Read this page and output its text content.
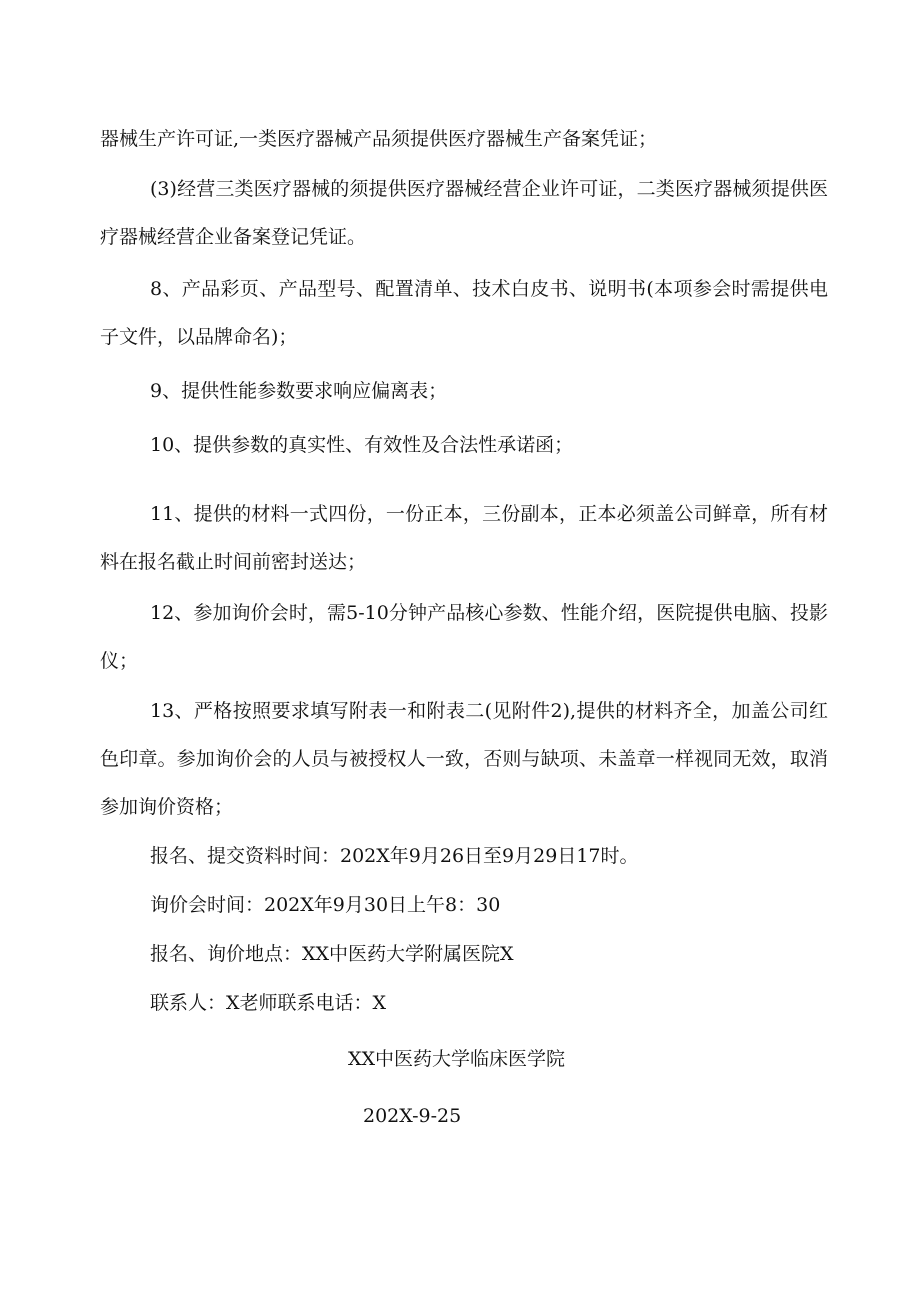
器械生产许可证,一类医疗器械产品须提供医疗器械生产备案凭证；

(3)经营三类医疗器械的须提供医疗器械经营企业许可证，二类医疗器械须提供医疗器械经营企业备案登记凭证。

8、产品彩页、产品型号、配置清单、技术白皮书、说明书(本项参会时需提供电子文件，以品牌命名)；

9、提供性能参数要求响应偏离表；

10、提供参数的真实性、有效性及合法性承诺函；

11、提供的材料一式四份，一份正本，三份副本，正本必须盖公司鲜章，所有材料在报名截止时间前密封送达；

12、参加询价会时，需5-10分钟产品核心参数、性能介绍，医院提供电脑、投影仪；

13、严格按照要求填写附表一和附表二(见附件2),提供的材料齐全，加盖公司红色印章。参加询价会的人员与被授权人一致，否则与缺项、未盖章一样视同无效，取消参加询价资格；

报名、提交资料时间：202X年9月26日至9月29日17时。

询价会时间：202X年9月30日上午8：30

报名、询价地点：XX中医药大学附属医院X

联系人：X老师联系电话：X

XX中医药大学临床医学院

202X-9-25
